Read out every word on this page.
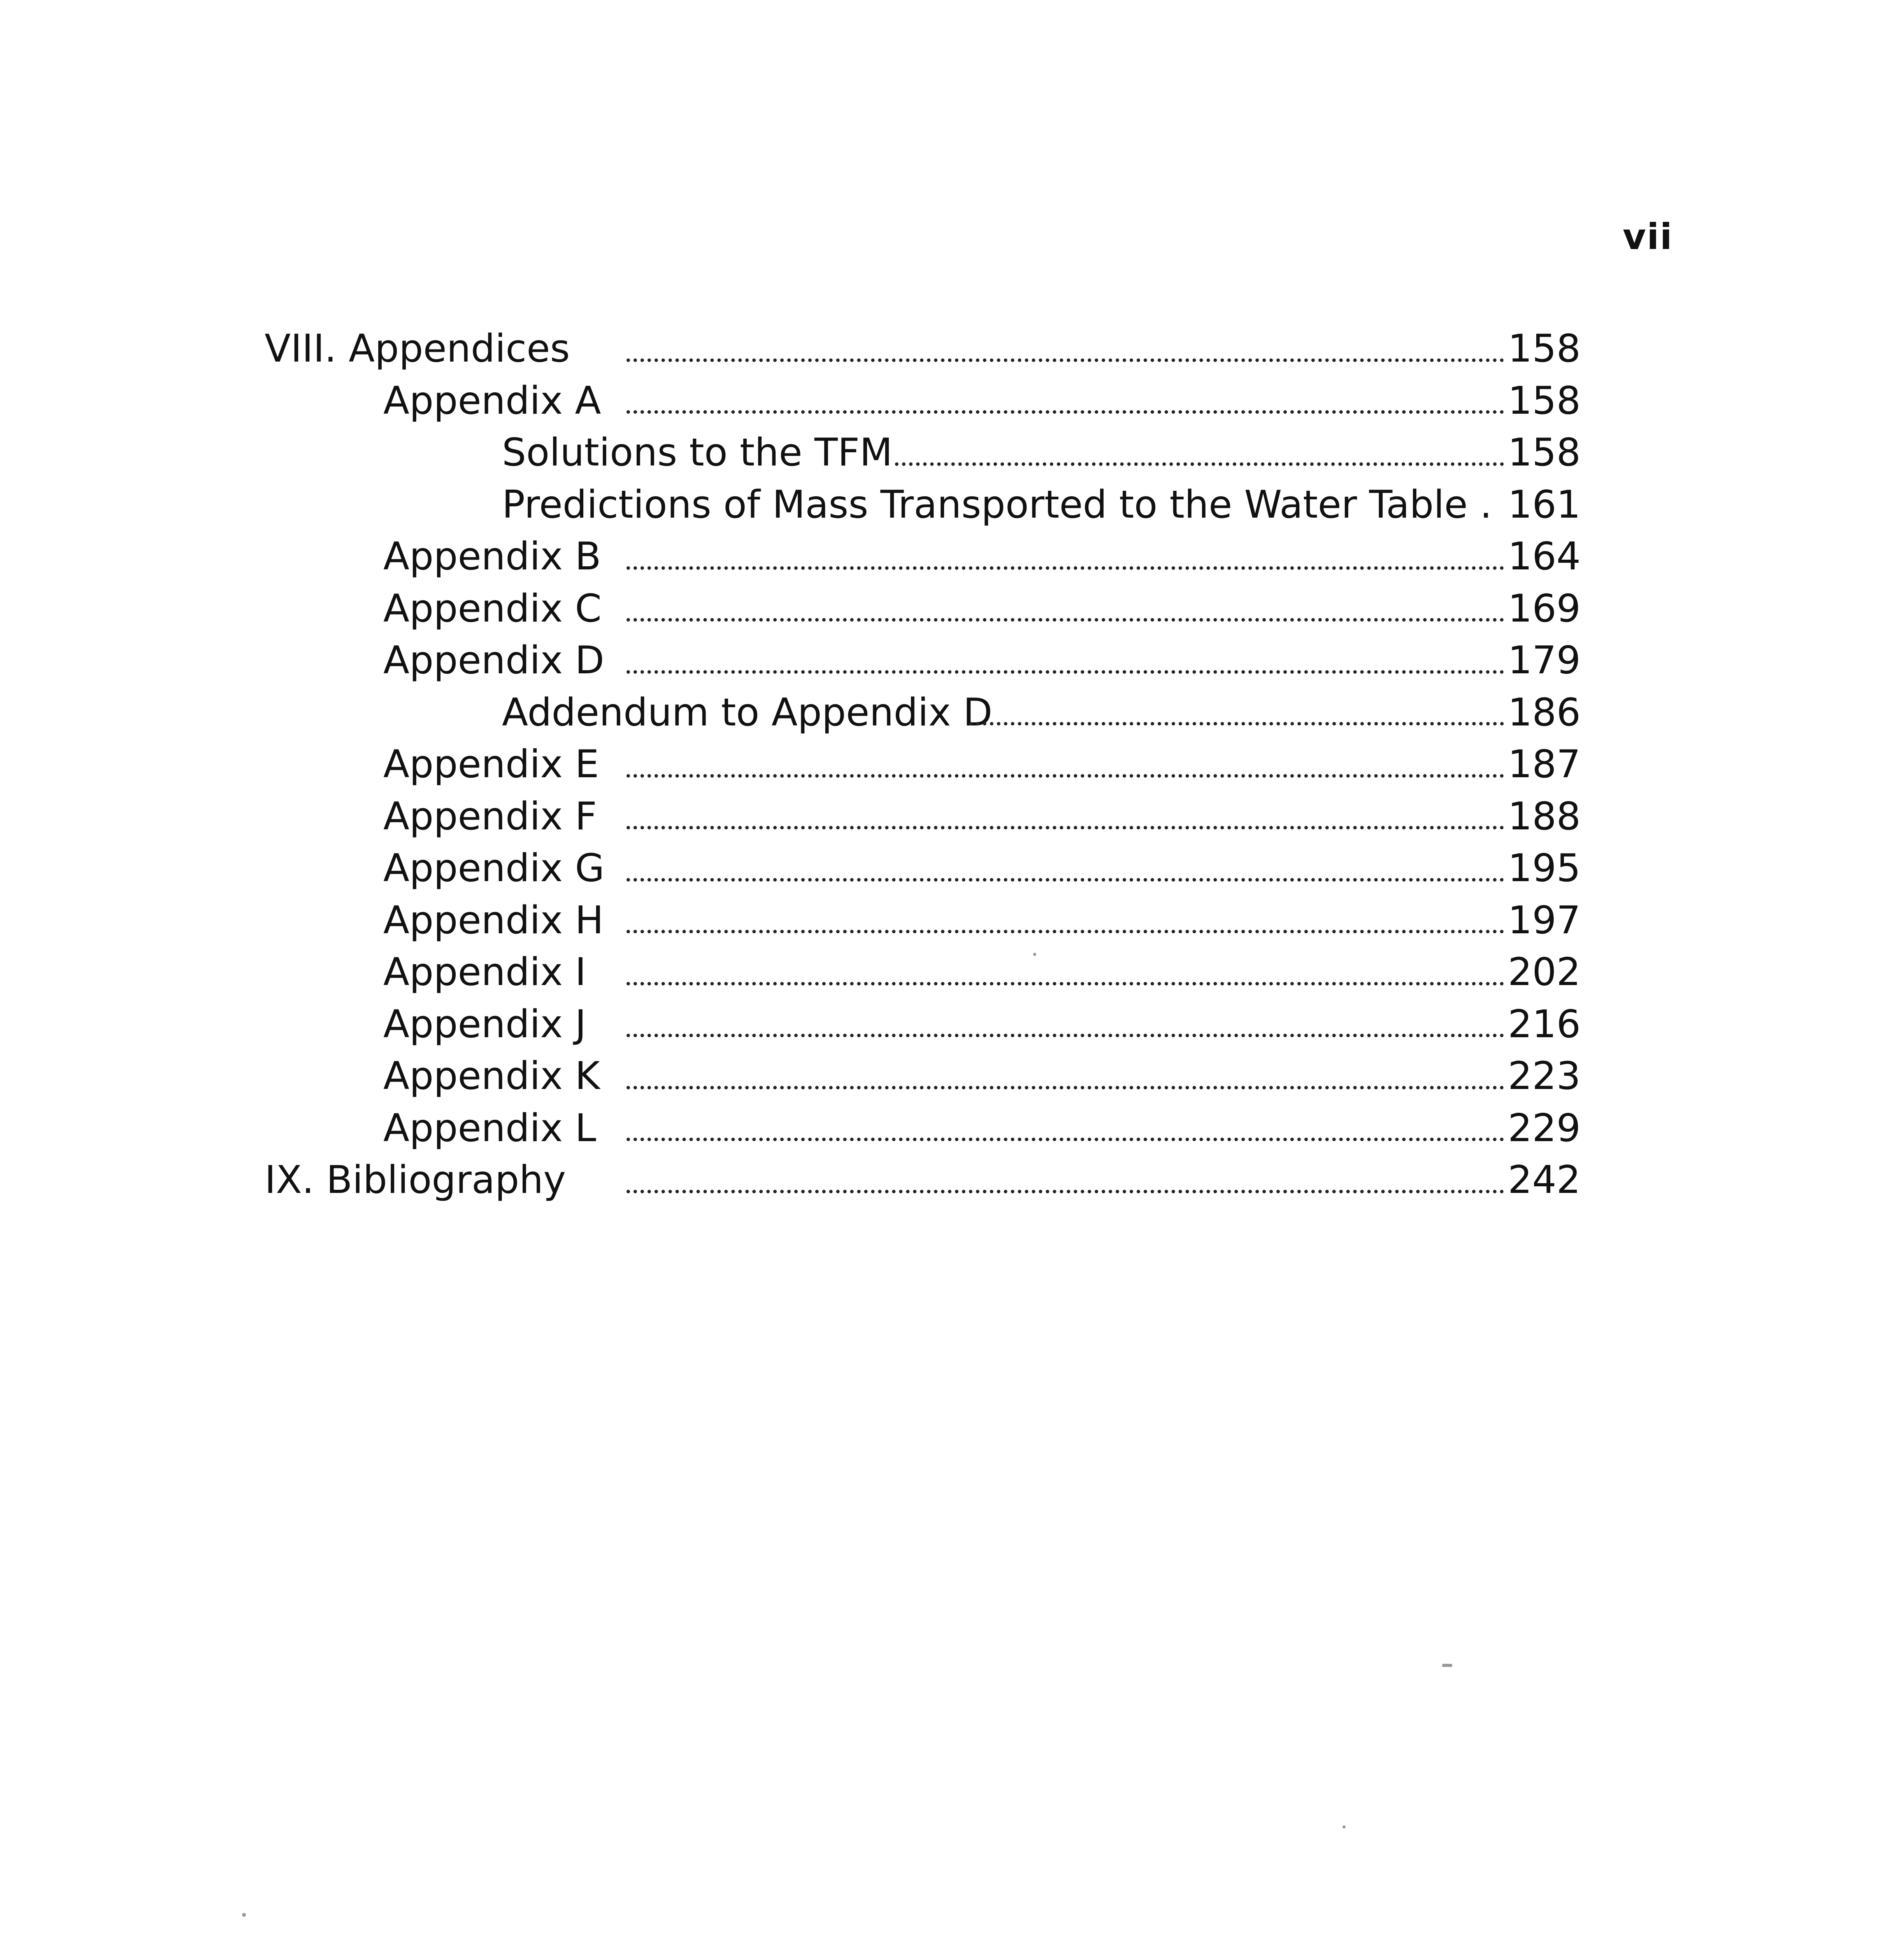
vii
VIII. Appendices	158
Appendix A	158
Solutions to the TFM	158
Predictions of Mass Transported to the Water Table . 161
Appendix B	164
Appendix C	169
Appendix D	179
Addendum to Appendix D	186
Appendix E	187
Appendix F	188
Appendix G	195
Appendix H	197
Appendix I	202
Appendix J	216
Appendix K	223
Appendix L	229
IX. Bibliography	242
